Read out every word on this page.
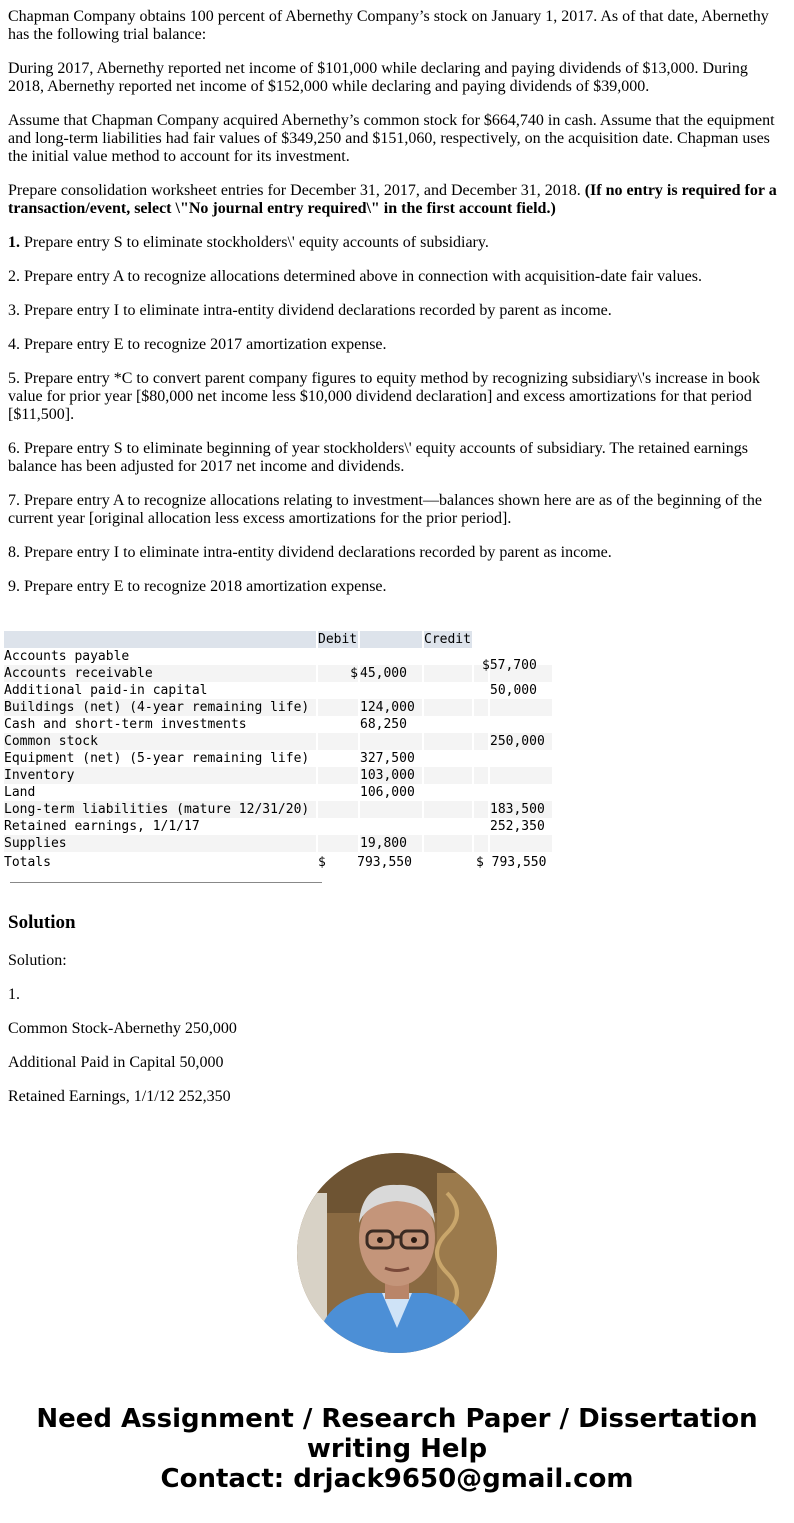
Chapman Company obtains 100 percent of Abernethy Company’s stock on January 1, 2017. As of that date, Abernethy has the following trial balance:

During 2017, Abernethy reported net income of $101,000 while declaring and paying dividends of $13,000. During 2018, Abernethy reported net income of $152,000 while declaring and paying dividends of $39,000.

Assume that Chapman Company acquired Abernethy’s common stock for $664,740 in cash. Assume that the equipment and long-term liabilities had fair values of $349,250 and $151,060, respectively, on the acquisition date. Chapman uses the initial value method to account for its investment.

Prepare consolidation worksheet entries for December 31, 2017, and December 31, 2018. (If no entry is required for a transaction/event, select \"No journal entry required\" in the first account field.)

1. Prepare entry S to eliminate stockholders\' equity accounts of subsidiary.

2. Prepare entry A to recognize allocations determined above in connection with acquisition-date fair values.

3. Prepare entry I to eliminate intra-entity dividend declarations recorded by parent as income.

4. Prepare entry E to recognize 2017 amortization expense.

5. Prepare entry *C to convert parent company figures to equity method by recognizing subsidiary\'s increase in book value for prior year [$80,000 net income less $10,000 dividend declaration] and excess amortizations for that period [$11,500].

6. Prepare entry S to eliminate beginning of year stockholders\' equity accounts of subsidiary. The retained earnings balance has been adjusted for 2017 net income and dividends.

7. Prepare entry A to recognize allocations relating to investment—balances shown here are as of the beginning of the current year [original allocation less excess amortizations for the prior period].

8. Prepare entry I to eliminate intra-entity dividend declarations recorded by parent as income.

9. Prepare entry E to recognize 2018 amortization expense.

	Debit		Credit		
Accounts payable					$57,700

Accounts receivable	$	45,000			
Additional paid-in capital					50,000
Buildings (net) (4-year remaining life)		124,000			
Cash and short-term investments		68,250			
Common stock					250,000
Equipment (net) (5-year remaining life)		327,500			
Inventory		103,000			
Land		106,000			
Long-term liabilities (mature 12/31/20)					183,500
Retained earnings, 1/1/17					252,350
Supplies		19,800			
Totals	$    793,550		$ 793,550		
Solution

Solution:

1.

Common Stock-Abernethy 250,000

Additional Paid in Capital 50,000

Retained Earnings, 1/1/12 252,350

Need Assignment / Research Paper / Dissertation
writing Help
Contact: drjack9650@gmail.com
